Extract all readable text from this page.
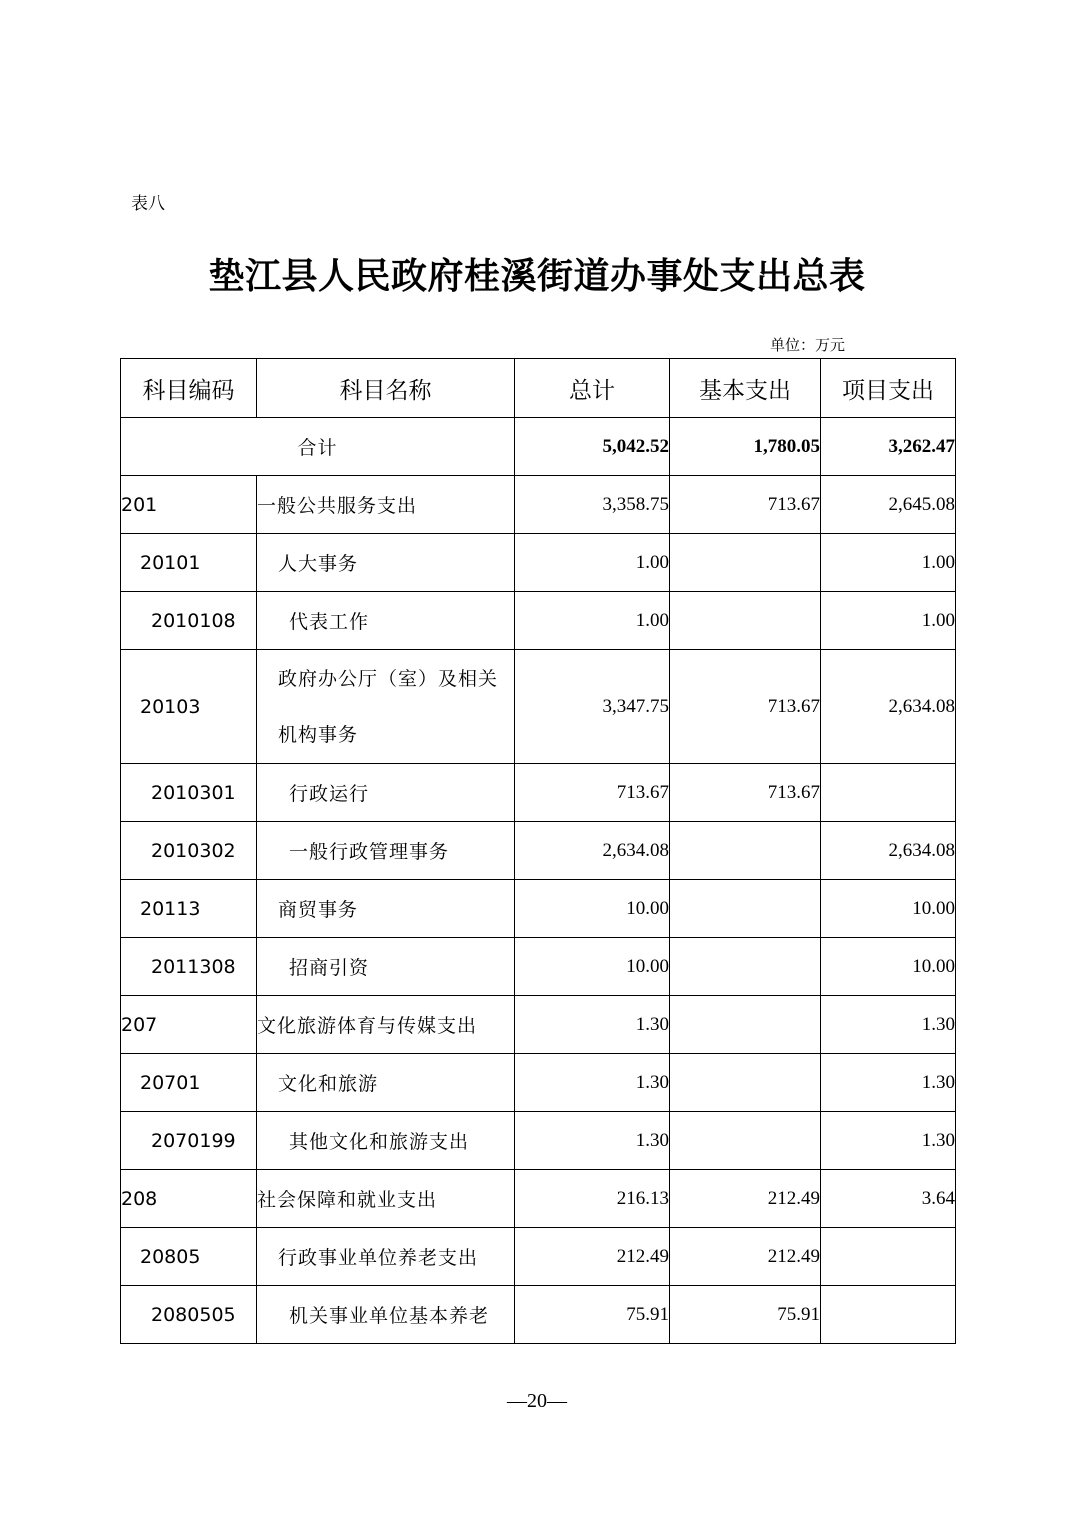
表八
垫江县人民政府桂溪街道办事处支出总表
单位：万元
科目编码	科目名称	总计	基本支出	项目支出
合计		5,042.52	1,780.05	3,262.47
201	一般公共服务支出	3,358.75	713.67	2,645.08
20101	人大事务	1.00		1.00
2010108	代表工作	1.00		1.00
20103	政府办公厅（室）及相关机构事务	3,347.75	713.67	2,634.08
2010301	行政运行	713.67	713.67	
2010302	一般行政管理事务	2,634.08		2,634.08
20113	商贸事务	10.00		10.00
2011308	招商引资	10.00		10.00
207	文化旅游体育与传媒支出	1.30		1.30
20701	文化和旅游	1.30		1.30
2070199	其他文化和旅游支出	1.30		1.30
208	社会保障和就业支出	216.13	212.49	3.64
20805	行政事业单位养老支出	212.49	212.49	
2080505	机关事业单位基本养老	75.91	75.91	
—20—
